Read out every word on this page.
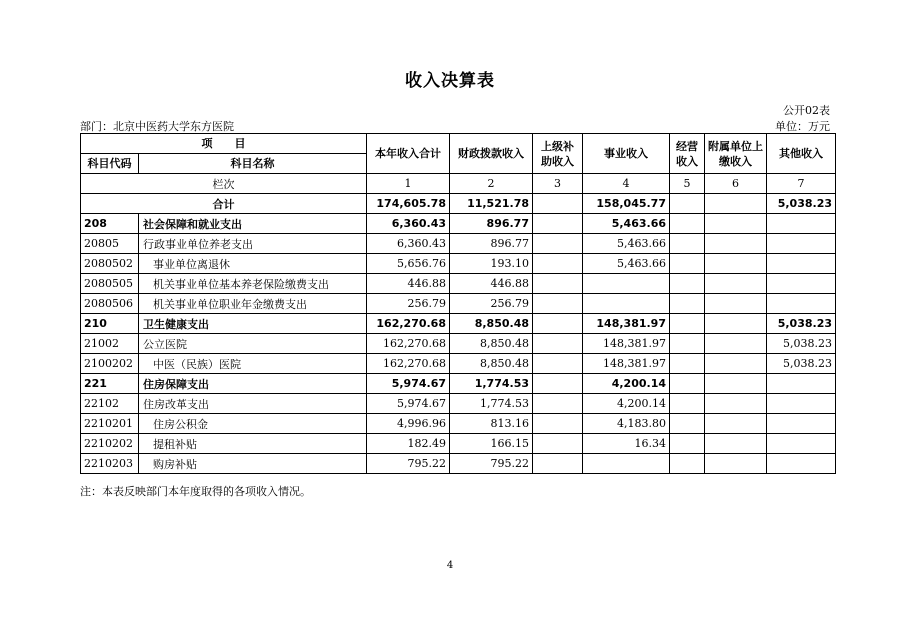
收入决算表
公开02表
部门：北京中医药大学东方医院	单位：万元
项　　目		本年收入合计	财政拨款收入	上级补助收入	事业收入	经营收入	附属单位上缴收入	其他收入
科目代码	科目名称							
栏次		1	2	3	4	5	6	7
合计		174,605.78	11,521.78		158,045.77			5,038.23
208	社会保障和就业支出	6,360.43	896.77		5,463.66			
20805	行政事业单位养老支出	6,360.43	896.77		5,463.66			
2080502	事业单位离退休	5,656.76	193.10		5,463.66			
2080505	机关事业单位基本养老保险缴费支出	446.88	446.88					
2080506	机关事业单位职业年金缴费支出	256.79	256.79					
210	卫生健康支出	162,270.68	8,850.48		148,381.97			5,038.23
21002	公立医院	162,270.68	8,850.48		148,381.97			5,038.23
2100202	中医（民族）医院	162,270.68	8,850.48		148,381.97			5,038.23
221	住房保障支出	5,974.67	1,774.53		4,200.14			
22102	住房改革支出	5,974.67	1,774.53		4,200.14			
2210201	住房公积金	4,996.96	813.16		4,183.80			
2210202	提租补贴	182.49	166.15		16.34			
2210203	购房补贴	795.22	795.22					
注：本表反映部门本年度取得的各项收入情况。
4
